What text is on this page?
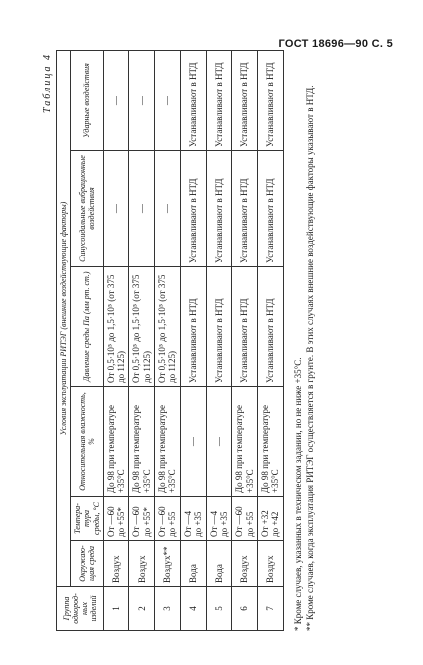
ГОСТ 18696—90 С. 5
Таблица 4
Группа однород- ных изделий	Условия эксплуатации РИТЭГ (внешние воздействующие факторы)					
	Окружаю- щая среда	Темпера- тура среды, °С	Относительная влажность, %	Давление среды Па (мм рт. ст.)	Синусоидальные вибрационные воздействия	Ударные воздействия
1	Воздух	От —60 до +55*	До 98 при температуре +35°С	От 0,5·10⁵ до 1,5·10⁵ (от 375 до 1125)	—	—
2	Воздух	От —60 до +55*	До 98 при температуре +35°С	От 0,5·10⁵ до 1,5·10⁵ (от 375 до 1125)	—	—
3	Воздух**	От —60 до +55	До 98 при температуре +35°С	От 0,5·10⁵ до 1,5·10⁵ (от 375 до 1125)	—	—
4	Вода	От —4 до +35	—	Устанавливают в НТД	Устанавливают в НТД	Устанавливают в НТД
5	Вода	От —4 до +35	—	Устанавливают в НТД	Устанавливают в НТД	Устанавливают в НТД
6	Воздух	От —60 до +55	До 98 при температуре +35°С	Устанавливают в НТД	Устанавливают в НТД	Устанавливают в НТД
7	Воздух	От +32 до +42	До 98 при температуре +35°С	Устанавливают в НТД	Устанавливают в НТД	Устанавливают в НТД

* Кроме случаев, указанных в техническом задании, но не ниже +35°С. ** Кроме случаев, когда эксплуатация РИТЭГ осуществляется в грунте. В этих случаях внешние воздействующие факторы указывают в НТД.
